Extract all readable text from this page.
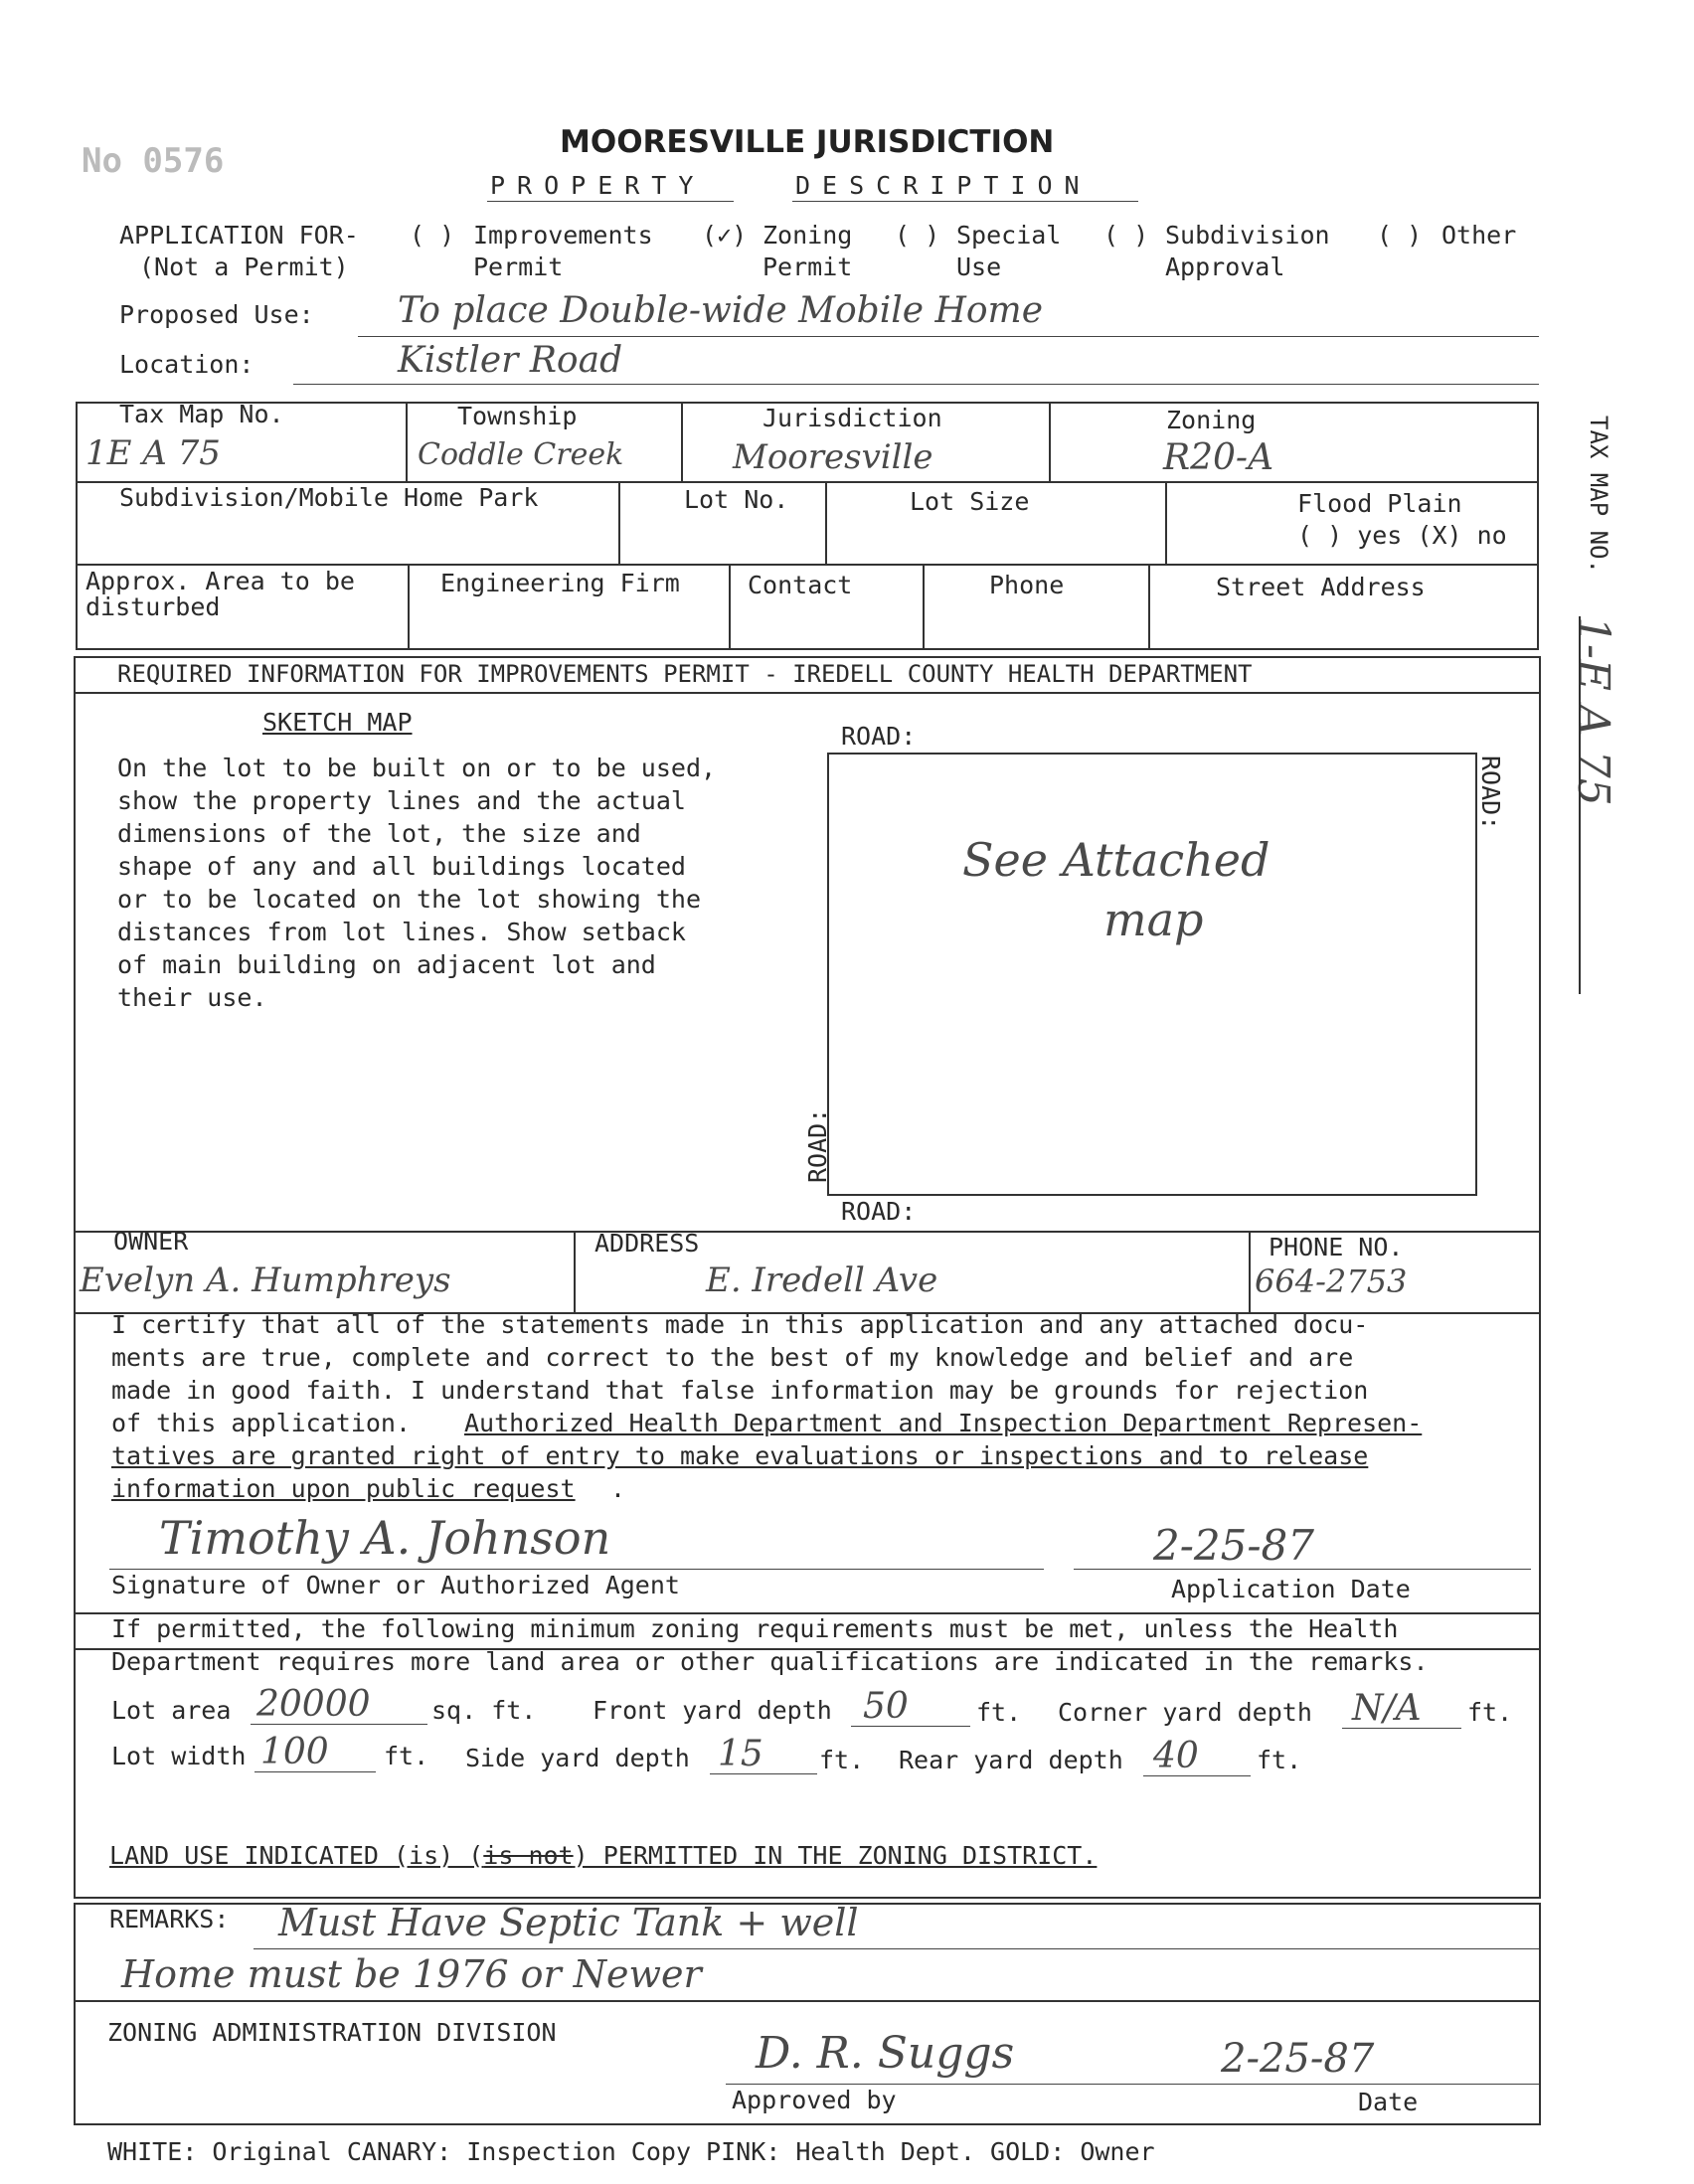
No 0576	MOORESVILLE JURISDICTION
PROPERTY	DESCRIPTION
APPLICATION FOR-
(Not a Permit)
( ) Improvements
Permit
(✓) Zoning
Permit
( ) Special
Use
( ) Subdivision
Approval
( ) Other
Proposed Use: To place Double-wide Mobile Home
Location:	Kistler Road
Tax Map No.
1E A 75
Township
Coddle Creek
Jurisdiction
Mooresville
Zoning
R20-A
Subdivision/Mobile Home Park	Lot No.	Lot Size	Flood Plain
( ) yes (X) no
Approx. Area to be
disturbed
Engineering Firm	Contact	Phone	Street Address
TAX MAP NO.
1-E A 75
REQUIRED INFORMATION FOR IMPROVEMENTS PERMIT - IREDELL COUNTY HEALTH DEPARTMENT
SKETCH MAP
On the lot to be built on or to be used,
show the property lines and the actual
dimensions of the lot, the size and
shape of any and all buildings located
or to be located on the lot showing the
distances from lot lines. Show setback
of main building on adjacent lot and
their use.
ROAD:
ROAD:
ROAD:
ROAD:
See Attached
map
OWNER
Evelyn A. Humphreys
ADDRESS
E. Iredell Ave
PHONE NO.
664-2753
I certify that all of the statements made in this application and any attached docu-
ments are true, complete and correct to the best of my knowledge and belief and are
made in good faith. I understand that false information may be grounds for rejection
of this application. Authorized Health Department and Inspection Department Represen-
tatives are granted right of entry to make evaluations or inspections and to release
information upon public request .
Timothy A. Johnson
Signature of Owner or Authorized Agent
2-25-87
Application Date
If permitted, the following minimum zoning requirements must be met, unless the Health
Department requires more land area or other qualifications are indicated in the remarks.
Lot area 20000 sq. ft. Front yard depth 50	ft. Corner yard depth N/A ft.
Lot width 100 ft. Side yard depth 15 ft. Rear yard depth 40 ft.
LAND USE INDICATED (is) (is not) PERMITTED IN THE ZONING DISTRICT.
REMARKS: Must Have Septic Tank + well
Home must be 1976 or Newer
ZONING ADMINISTRATION DIVISION	D. R. Suggs	2-25-87
Approved by	Date
WHITE: Original CANARY: Inspection Copy PINK: Health Dept. GOLD: Owner
